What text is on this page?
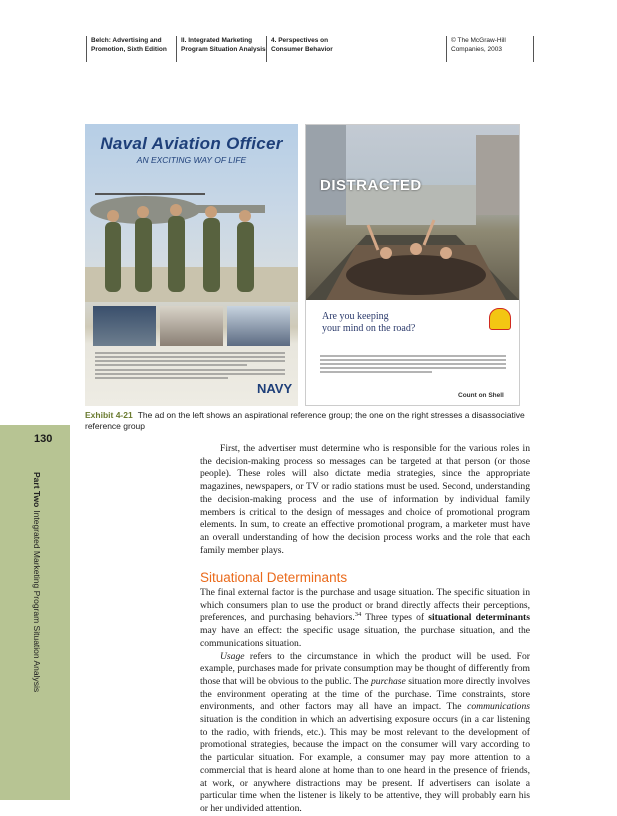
Belch: Advertising and
Promotion, Sixth Edition
II. Integrated Marketing
Program Situation Analysis
4. Perspectives on
Consumer Behavior
© The McGraw-Hill
Companies, 2003
Naval Aviation Officer
AN EXCITING WAY OF LIFE
NAVY
DISTRACTED
Are you keeping
your mind on the road?
Count on Shell
Exhibit 4-21 The ad on the left shows an aspirational reference group; the one on the right stresses a disassociative reference group
130
Part TwoIntegrated Marketing Program Situation Analysis

First, the advertiser must determine who is responsible for the various roles in the decision-making process so messages can be targeted at that person (or those people). These roles will also dictate media strategies, since the appropriate magazines, newspapers, or TV or radio stations must be used. Second, understanding the decision-making process and the use of information by individual family members is critical to the design of messages and choice of promotional program elements. In sum, to create an effective promotional program, a marketer must have an overall understanding of how the decision process works and the role that each family member plays.

Situational Determinants

The final external factor is the purchase and usage situation. The specific situation in which consumers plan to use the product or brand directly affects their perceptions, preferences, and purchasing behaviors.$^{34}$ Three types of situational determinants may have an effect: the specific usage situation, the purchase situation, and the communications situation.

Usage refers to the circumstance in which the product will be used. For example, purchases made for private consumption may be thought of differently from those that will be obvious to the public. The purchase situation more directly involves the environment operating at the time of the purchase. Time constraints, store environments, and other factors may all have an impact. The communications situation is the condition in which an advertising exposure occurs (in a car listening to the radio, with friends, etc.). This may be most relevant to the development of promotional strategies, because the impact on the consumer will vary according to the particular situation. For example, a consumer may pay more attention to a commercial that is heard alone at home than to one heard in the presence of friends, at work, or anywhere distractions may be present. If advertisers can isolate a particular time when the listener is likely to be attentive, they will probably earn his or her undivided attention.
